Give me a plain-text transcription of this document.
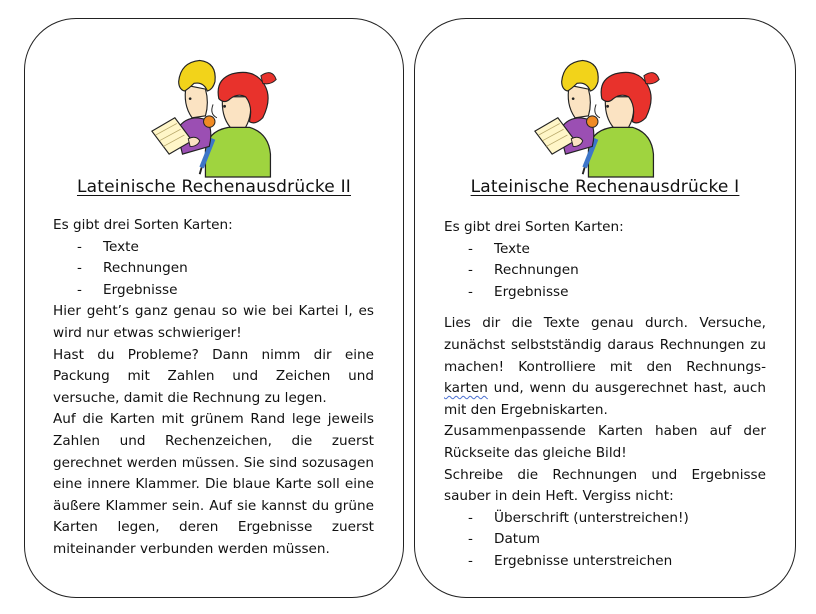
Lateinische Rechenausdrücke II

Es gibt drei Sorten Karten:

- Texte
- Rechnungen
- Ergebnisse

Hier geht’s ganz genau so wie bei Kartei I, es wird nur etwas schwieriger!

Hast du Probleme? Dann nimm dir eine Packung mit Zahlen und Zeichen und versuche, damit die Rechnung zu legen.

Auf die Karten mit grünem Rand lege jeweils Zahlen und Rechenzeichen, die zuerst gerechnet werden müssen. Sie sind sozusagen eine innere Klammer. Die blaue Karte soll eine äußere Klammer sein. Auf sie kannst du grüne Karten legen, deren Ergebnisse zuerst miteinander verbunden werden müssen.

Lateinische Rechenausdrücke I

Es gibt drei Sorten Karten:

- Texte
- Rechnungen
- Ergebnisse

Lies dir die Texte genau durch. Versuche, zunächst selbstständig daraus Rechnungen zu machen! Kontrolliere mit den Rechnungs-karten und, wenn du ausgerechnet hast, auch mit den Ergebniskarten.

Zusammenpassende Karten haben auf der Rückseite das gleiche Bild!

Schreibe die Rechnungen und Ergebnisse sauber in dein Heft. Vergiss nicht:

- Überschrift (unterstreichen!)
- Datum
- Ergebnisse unterstreichen
